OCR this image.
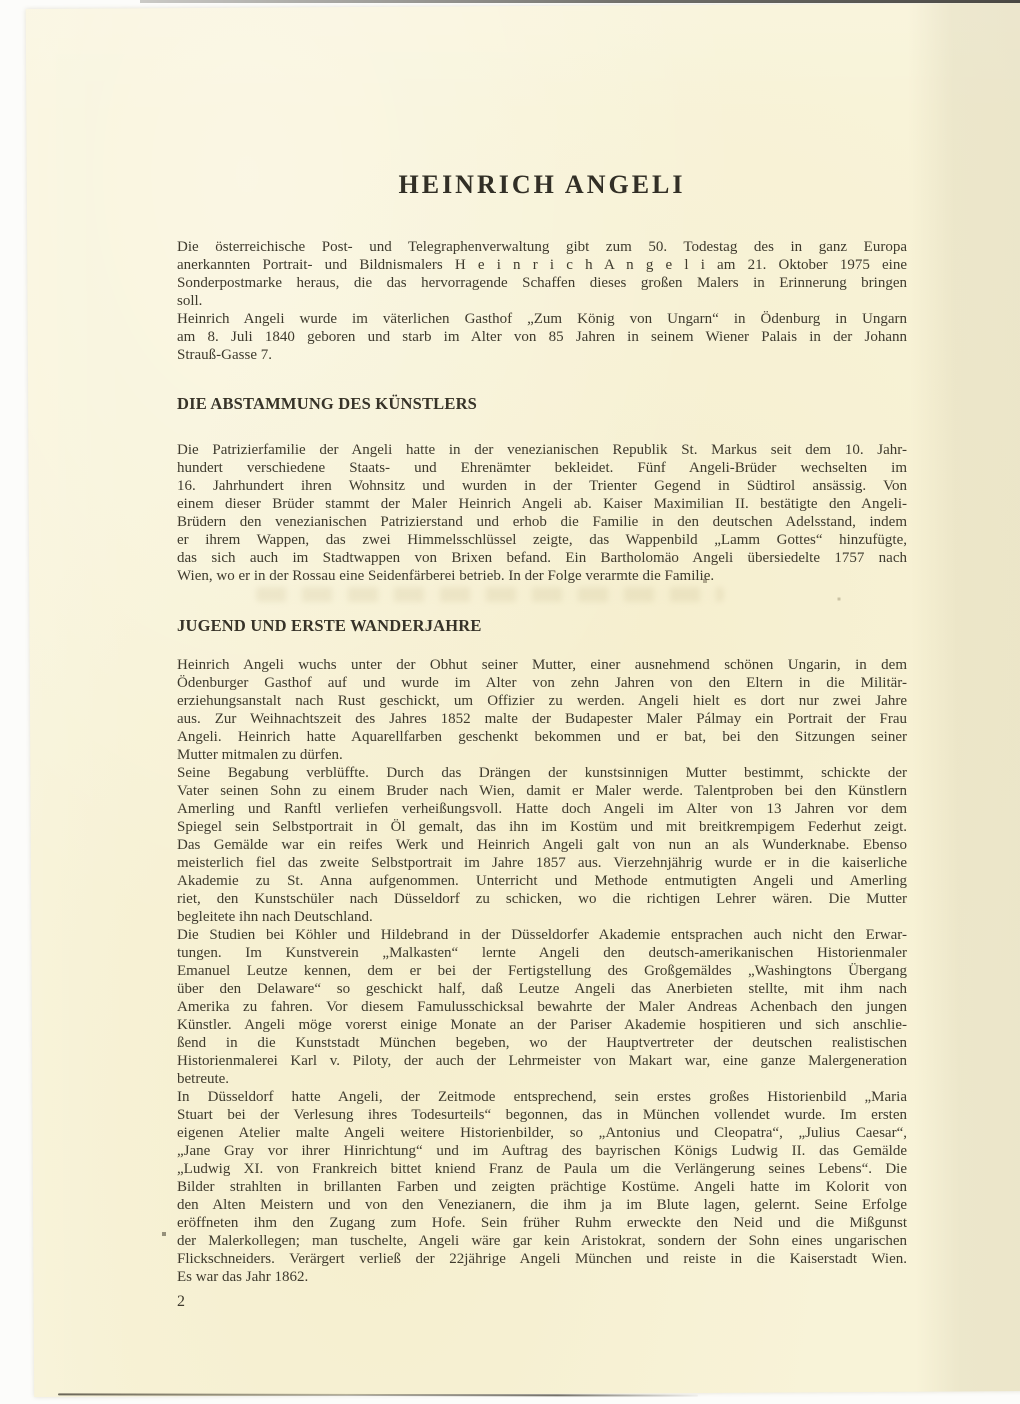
HEINRICH ANGELI
Die österreichische Post- und Telegraphenverwaltung gibt zum 50. Todestag des in ganz Europa
anerkannten Portrait- und Bildnismalers H e i n r i c h A n g e l i am 21. Oktober 1975 eine
Sonderpostmarke heraus, die das hervorragende Schaffen dieses großen Malers in Erinnerung bringen
soll.
Heinrich Angeli wurde im väterlichen Gasthof „Zum König von Ungarn“ in Ödenburg in Ungarn
am 8. Juli 1840 geboren und starb im Alter von 85 Jahren in seinem Wiener Palais in der Johann
Strauß-Gasse 7.
DIE ABSTAMMUNG DES KÜNSTLERS
Die Patrizierfamilie der Angeli hatte in der venezianischen Republik St. Markus seit dem 10. Jahr-
hundert verschiedene Staats- und Ehrenämter bekleidet. Fünf Angeli-Brüder wechselten im
16. Jahrhundert ihren Wohnsitz und wurden in der Trienter Gegend in Südtirol ansässig. Von
einem dieser Brüder stammt der Maler Heinrich Angeli ab. Kaiser Maximilian II. bestätigte den Angeli-
Brüdern den venezianischen Patrizierstand und erhob die Familie in den deutschen Adelsstand, indem
er ihrem Wappen, das zwei Himmelsschlüssel zeigte, das Wappenbild „Lamm Gottes“ hinzufügte,
das sich auch im Stadtwappen von Brixen befand. Ein Bartholomäo Angeli übersiedelte 1757 nach
Wien, wo er in der Rossau eine Seidenfärberei betrieb. In der Folge verarmte die Familie.
JUGEND UND ERSTE WANDERJAHRE
Heinrich Angeli wuchs unter der Obhut seiner Mutter, einer ausnehmend schönen Ungarin, in dem
Ödenburger Gasthof auf und wurde im Alter von zehn Jahren von den Eltern in die Militär-
erziehungsanstalt nach Rust geschickt, um Offizier zu werden. Angeli hielt es dort nur zwei Jahre
aus. Zur Weihnachtszeit des Jahres 1852 malte der Budapester Maler Pálmay ein Portrait der Frau
Angeli. Heinrich hatte Aquarellfarben geschenkt bekommen und er bat, bei den Sitzungen seiner
Mutter mitmalen zu dürfen.
Seine Begabung verblüffte. Durch das Drängen der kunstsinnigen Mutter bestimmt, schickte der
Vater seinen Sohn zu einem Bruder nach Wien, damit er Maler werde. Talentproben bei den Künstlern
Amerling und Ranftl verliefen verheißungsvoll. Hatte doch Angeli im Alter von 13 Jahren vor dem
Spiegel sein Selbstportrait in Öl gemalt, das ihn im Kostüm und mit breitkrempigem Federhut zeigt.
Das Gemälde war ein reifes Werk und Heinrich Angeli galt von nun an als Wunderknabe. Ebenso
meisterlich fiel das zweite Selbstportrait im Jahre 1857 aus. Vierzehnjährig wurde er in die kaiserliche
Akademie zu St. Anna aufgenommen. Unterricht und Methode entmutigten Angeli und Amerling
riet, den Kunstschüler nach Düsseldorf zu schicken, wo die richtigen Lehrer wären. Die Mutter
begleitete ihn nach Deutschland.
Die Studien bei Köhler und Hildebrand in der Düsseldorfer Akademie entsprachen auch nicht den Erwar-
tungen. Im Kunstverein „Malkasten“ lernte Angeli den deutsch-amerikanischen Historienmaler
Emanuel Leutze kennen, dem er bei der Fertigstellung des Großgemäldes „Washingtons Übergang
über den Delaware“ so geschickt half, daß Leutze Angeli das Anerbieten stellte, mit ihm nach
Amerika zu fahren. Vor diesem Famulusschicksal bewahrte der Maler Andreas Achenbach den jungen
Künstler. Angeli möge vorerst einige Monate an der Pariser Akademie hospitieren und sich anschlie-
ßend in die Kunststadt München begeben, wo der Hauptvertreter der deutschen realistischen
Historienmalerei Karl v. Piloty, der auch der Lehrmeister von Makart war, eine ganze Malergeneration
betreute.
In Düsseldorf hatte Angeli, der Zeitmode entsprechend, sein erstes großes Historienbild „Maria
Stuart bei der Verlesung ihres Todesurteils“ begonnen, das in München vollendet wurde. Im ersten
eigenen Atelier malte Angeli weitere Historienbilder, so „Antonius und Cleopatra“, „Julius Caesar“,
„Jane Gray vor ihrer Hinrichtung“ und im Auftrag des bayrischen Königs Ludwig II. das Gemälde
„Ludwig XI. von Frankreich bittet kniend Franz de Paula um die Verlängerung seines Lebens“. Die
Bilder strahlten in brillanten Farben und zeigten prächtige Kostüme. Angeli hatte im Kolorit von
den Alten Meistern und von den Venezianern, die ihm ja im Blute lagen, gelernt. Seine Erfolge
eröffneten ihm den Zugang zum Hofe. Sein früher Ruhm erweckte den Neid und die Mißgunst
der Malerkollegen; man tuschelte, Angeli wäre gar kein Aristokrat, sondern der Sohn eines ungarischen
Flickschneiders. Verärgert verließ der 22jährige Angeli München und reiste in die Kaiserstadt Wien.
Es war das Jahr 1862.
2
